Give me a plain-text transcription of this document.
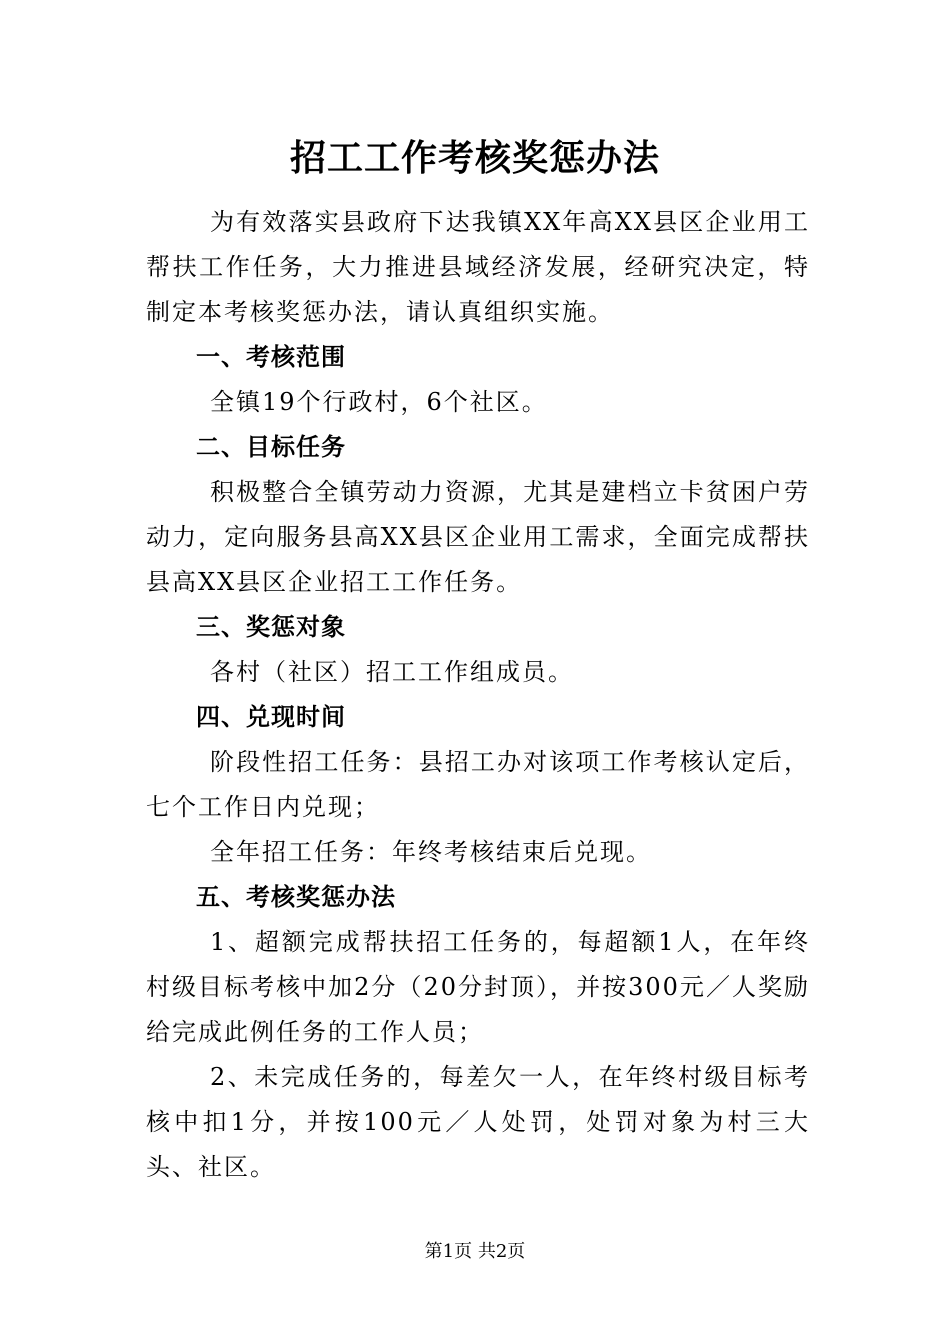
招工工作考核奖惩办法

为有效落实县政府下达我镇XX年高XX县区企业用工帮扶工作任务，大力推进县域经济发展，经研究决定，特制定本考核奖惩办法，请认真组织实施。

一、考核范围

全镇19个行政村，6个社区。

二、目标任务

积极整合全镇劳动力资源，尤其是建档立卡贫困户劳动力，定向服务县高XX县区企业用工需求，全面完成帮扶县高XX县区企业招工工作任务。

三、奖惩对象

各村（社区）招工工作组成员。

四、兑现时间

阶段性招工任务：县招工办对该项工作考核认定后，七个工作日内兑现；

全年招工任务：年终考核结束后兑现。

五、考核奖惩办法

1、超额完成帮扶招工任务的，每超额1人，在年终村级目标考核中加2分（20分封顶），并按300元／人奖励给完成此例任务的工作人员；

2、未完成任务的，每差欠一人，在年终村级目标考核中扣1分，并按100元／人处罚，处罚对象为村三大头、社区。

第1页 共2页
